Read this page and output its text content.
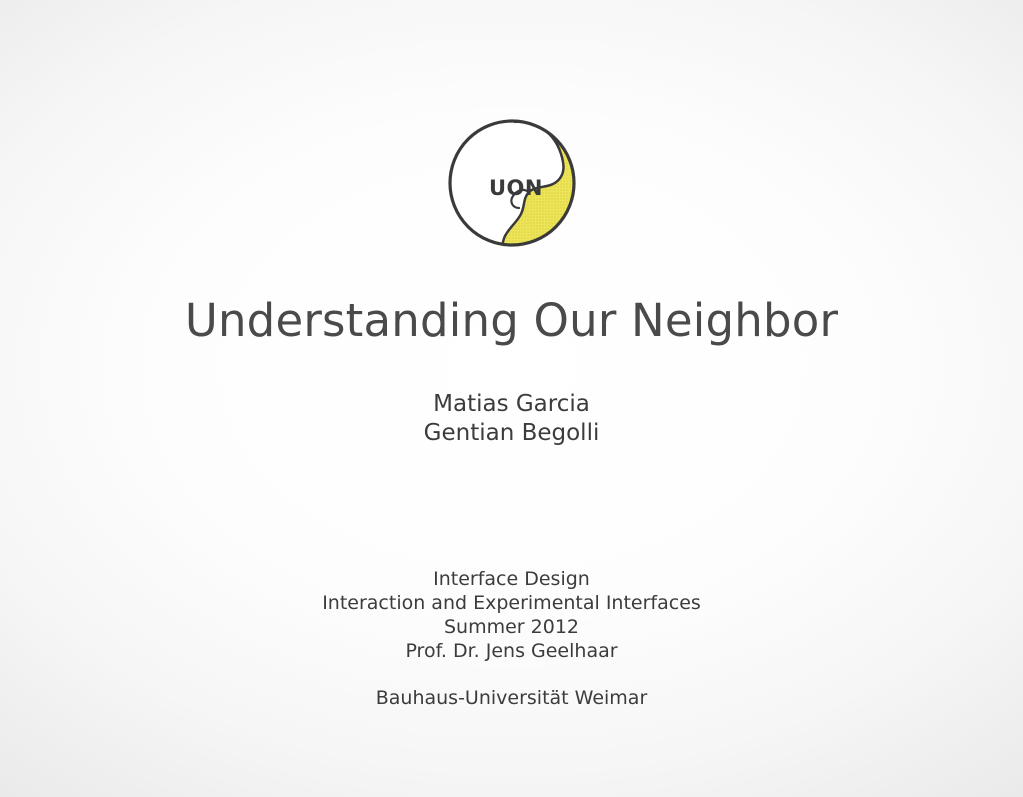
UON
Understanding Our Neighbor
Matias Garcia
Gentian Begolli
Interface Design
Interaction and Experimental Interfaces
Summer 2012
Prof. Dr. Jens Geelhaar
Bauhaus-Universität Weimar
